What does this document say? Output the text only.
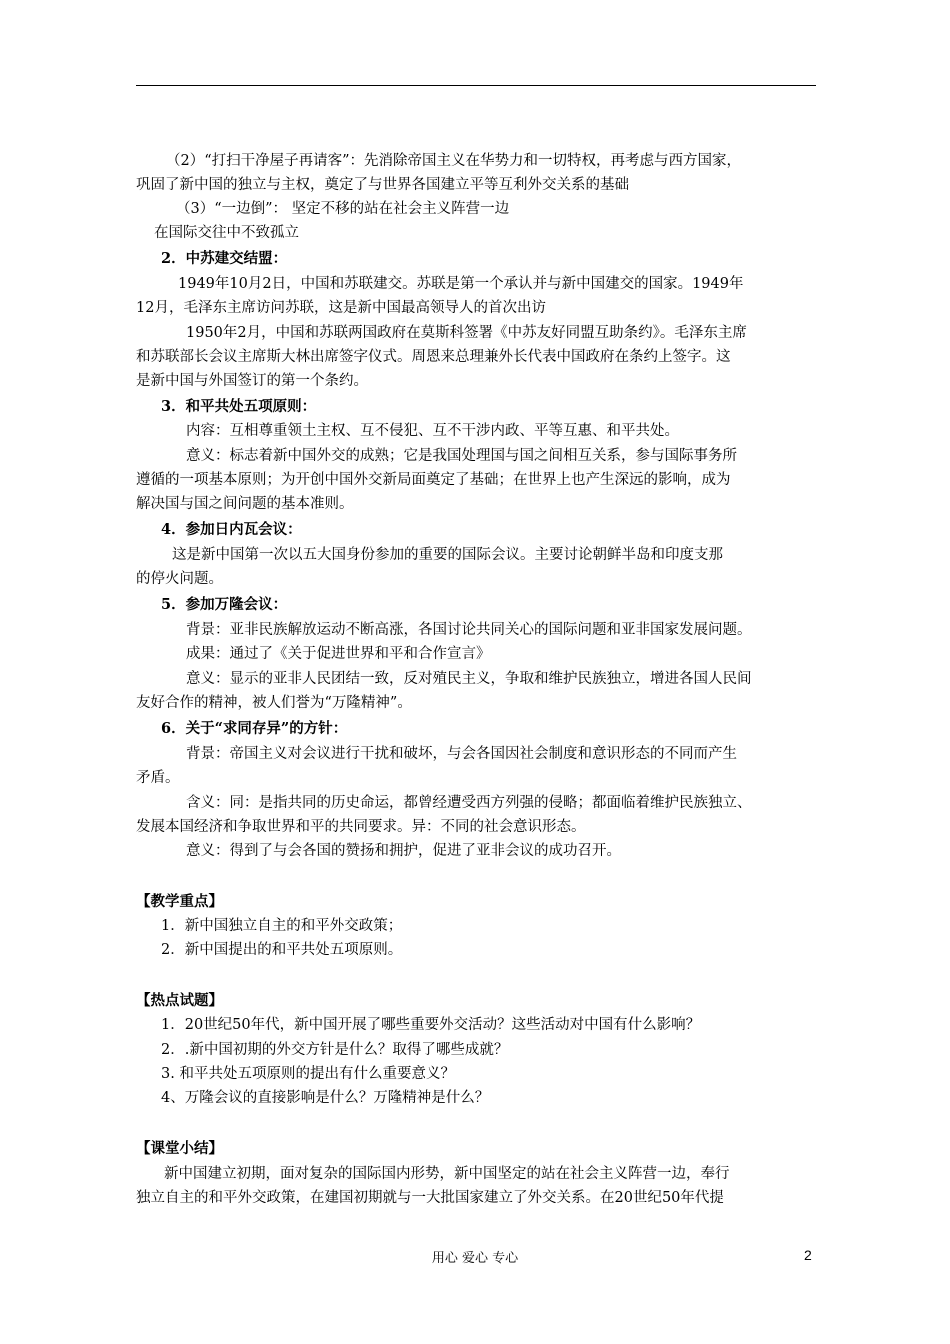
（2）“打扫干净屋子再请客”：先消除帝国主义在华势力和一切特权，再考虑与西方国家，
巩固了新中国的独立与主权，奠定了与世界各国建立平等互利外交关系的基础
（3）“一边倒”： 坚定不移的站在社会主义阵营一边
在国际交往中不致孤立
2．中苏建交结盟：
1949年10月2日，中国和苏联建交。苏联是第一个承认并与新中国建交的国家。1949年
12月，毛泽东主席访问苏联，这是新中国最高领导人的首次出访
1950年2月，中国和苏联两国政府在莫斯科签署《中苏友好同盟互助条约》。毛泽东主席
和苏联部长会议主席斯大林出席签字仪式。周恩来总理兼外长代表中国政府在条约上签字。这
是新中国与外国签订的第一个条约。
3．和平共处五项原则：
内容：互相尊重领土主权、互不侵犯、互不干涉内政、平等互惠、和平共处。
意义：标志着新中国外交的成熟；它是我国处理国与国之间相互关系，参与国际事务所
遵循的一项基本原则；为开创中国外交新局面奠定了基础；在世界上也产生深远的影响，成为
解决国与国之间问题的基本准则。
4．参加日内瓦会议：
这是新中国第一次以五大国身份参加的重要的国际会议。主要讨论朝鲜半岛和印度支那
的停火问题。
5．参加万隆会议：
背景：亚非民族解放运动不断高涨，各国讨论共同关心的国际问题和亚非国家发展问题。
成果：通过了《关于促进世界和平和合作宣言》
意义：显示的亚非人民团结一致，反对殖民主义，争取和维护民族独立，增进各国人民间
友好合作的精神，被人们誉为“万隆精神”。
6．关于“求同存异”的方针：
背景：帝国主义对会议进行干扰和破坏，与会各国因社会制度和意识形态的不同而产生
矛盾。
含义：同：是指共同的历史命运，都曾经遭受西方列强的侵略；都面临着维护民族独立、
发展本国经济和争取世界和平的共同要求。异：不同的社会意识形态。
意义：得到了与会各国的赞扬和拥护，促进了亚非会议的成功召开。
【教学重点】
1．新中国独立自主的和平外交政策；
2．新中国提出的和平共处五项原则。
【热点试题】
1．20世纪50年代，新中国开展了哪些重要外交活动？这些活动对中国有什么影响？
2．.新中国初期的外交方针是什么？取得了哪些成就？
3. 和平共处五项原则的提出有什么重要意义？
4、万隆会议的直接影响是什么？万隆精神是什么？
【课堂小结】
新中国建立初期，面对复杂的国际国内形势，新中国坚定的站在社会主义阵营一边，奉行
独立自主的和平外交政策，在建国初期就与一大批国家建立了外交关系。在20世纪50年代提
用心 爱心 专心	2
